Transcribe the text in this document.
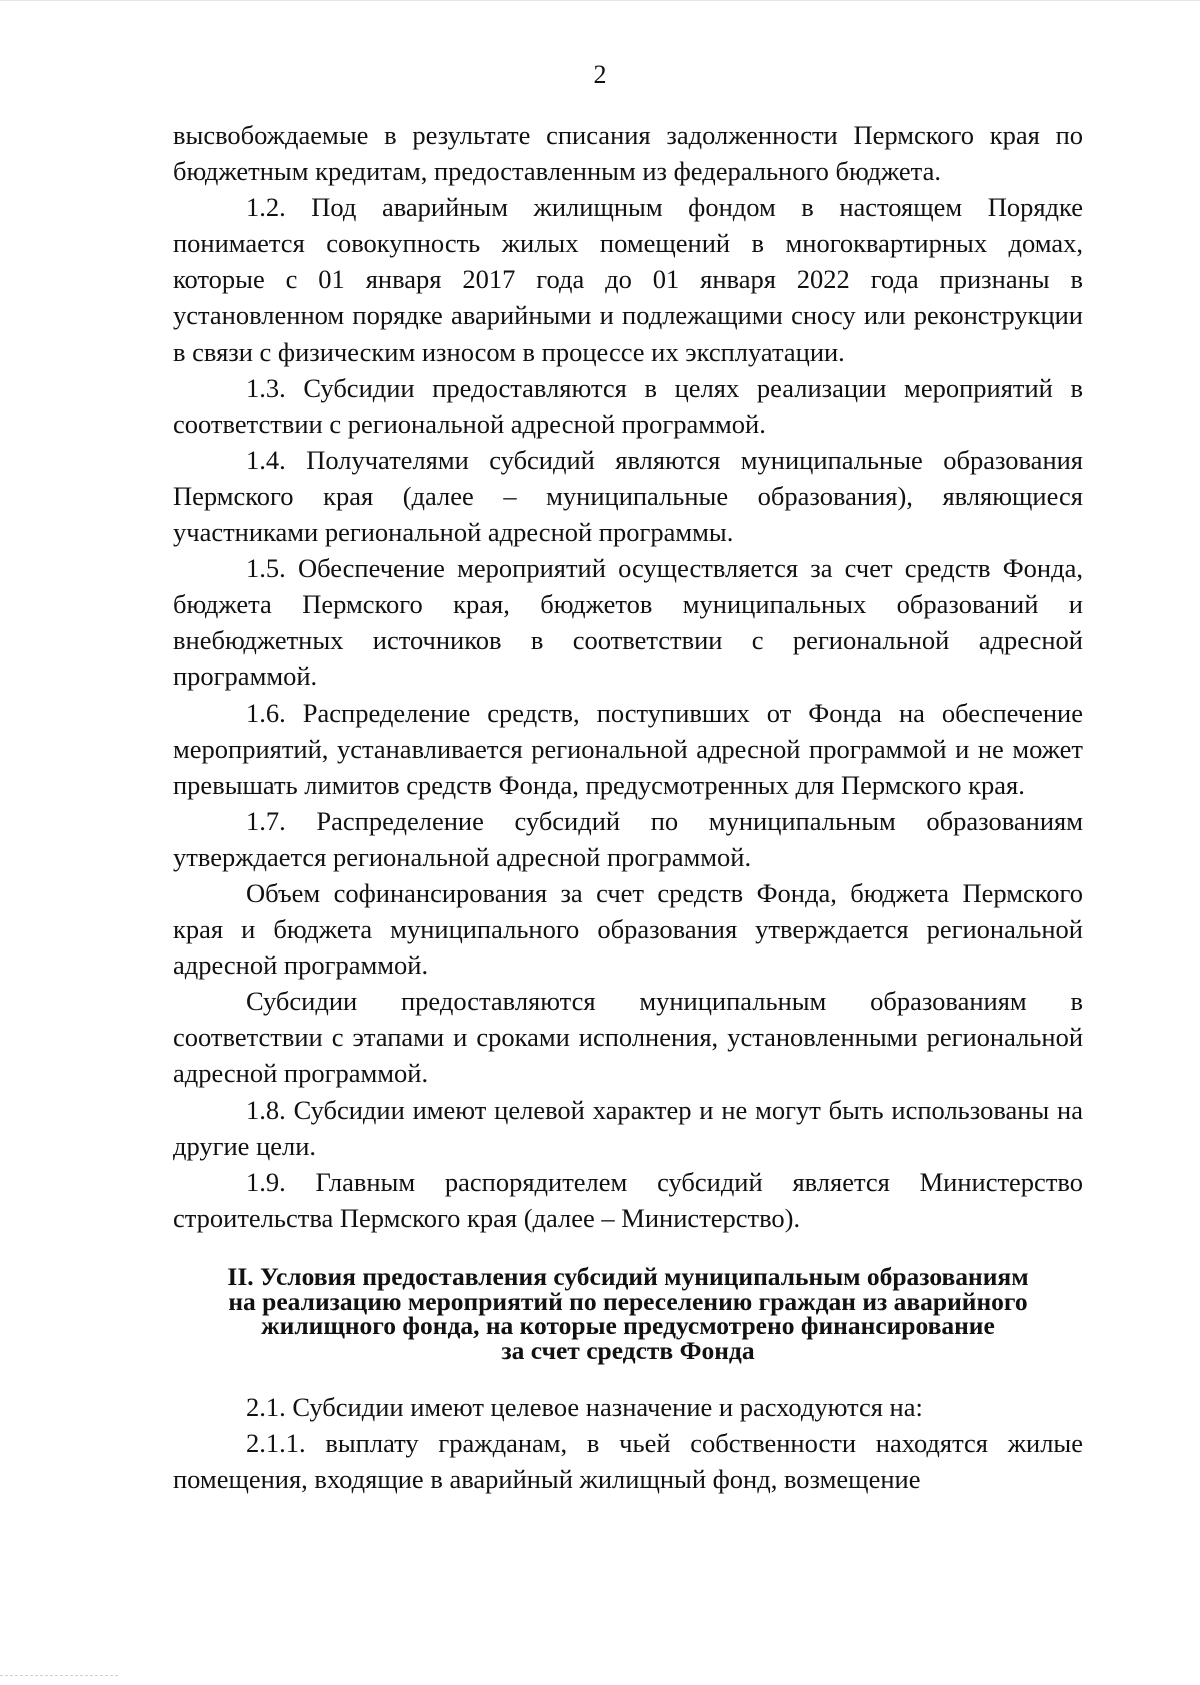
2

высвобождаемые в результате списания задолженности Пермского края по бюджетным кредитам, предоставленным из федерального бюджета.

1.2. Под аварийным жилищным фондом в настоящем Порядке понимается совокупность жилых помещений в многоквартирных домах, которые с 01 января 2017 года до 01 января 2022 года признаны в установленном порядке аварийными и подлежащими сносу или реконструкции в связи с физическим износом в процессе их эксплуатации.

1.3. Субсидии предоставляются в целях реализации мероприятий в соответствии с региональной адресной программой.

1.4. Получателями субсидий являются муниципальные образования Пермского края (далее – муниципальные образования), являющиеся участниками региональной адресной программы.

1.5. Обеспечение мероприятий осуществляется за счет средств Фонда, бюджета Пермского края, бюджетов муниципальных образований и внебюджетных источников в соответствии с региональной адресной программой.

1.6. Распределение средств, поступивших от Фонда на обеспечение мероприятий, устанавливается региональной адресной программой и не может превышать лимитов средств Фонда, предусмотренных для Пермского края.

1.7. Распределение субсидий по муниципальным образованиям утверждается региональной адресной программой.

Объем софинансирования за счет средств Фонда, бюджета Пермского края и бюджета муниципального образования утверждается региональной адресной программой.

Субсидии предоставляются муниципальным образованиям в соответствии с этапами и сроками исполнения, установленными региональной адресной программой.

1.8. Субсидии имеют целевой характер и не могут быть использованы на другие цели.

1.9. Главным распорядителем субсидий является Министерство строительства Пермского края (далее – Министерство).

II. Условия предоставления субсидий муниципальным образованиям
на реализацию мероприятий по переселению граждан из аварийного
жилищного фонда, на которые предусмотрено финансирование
за счет средств Фонда

2.1. Субсидии имеют целевое назначение и расходуются на:

2.1.1. выплату гражданам, в чьей собственности находятся жилые помещения, входящие в аварийный жилищный фонд, возмещение
